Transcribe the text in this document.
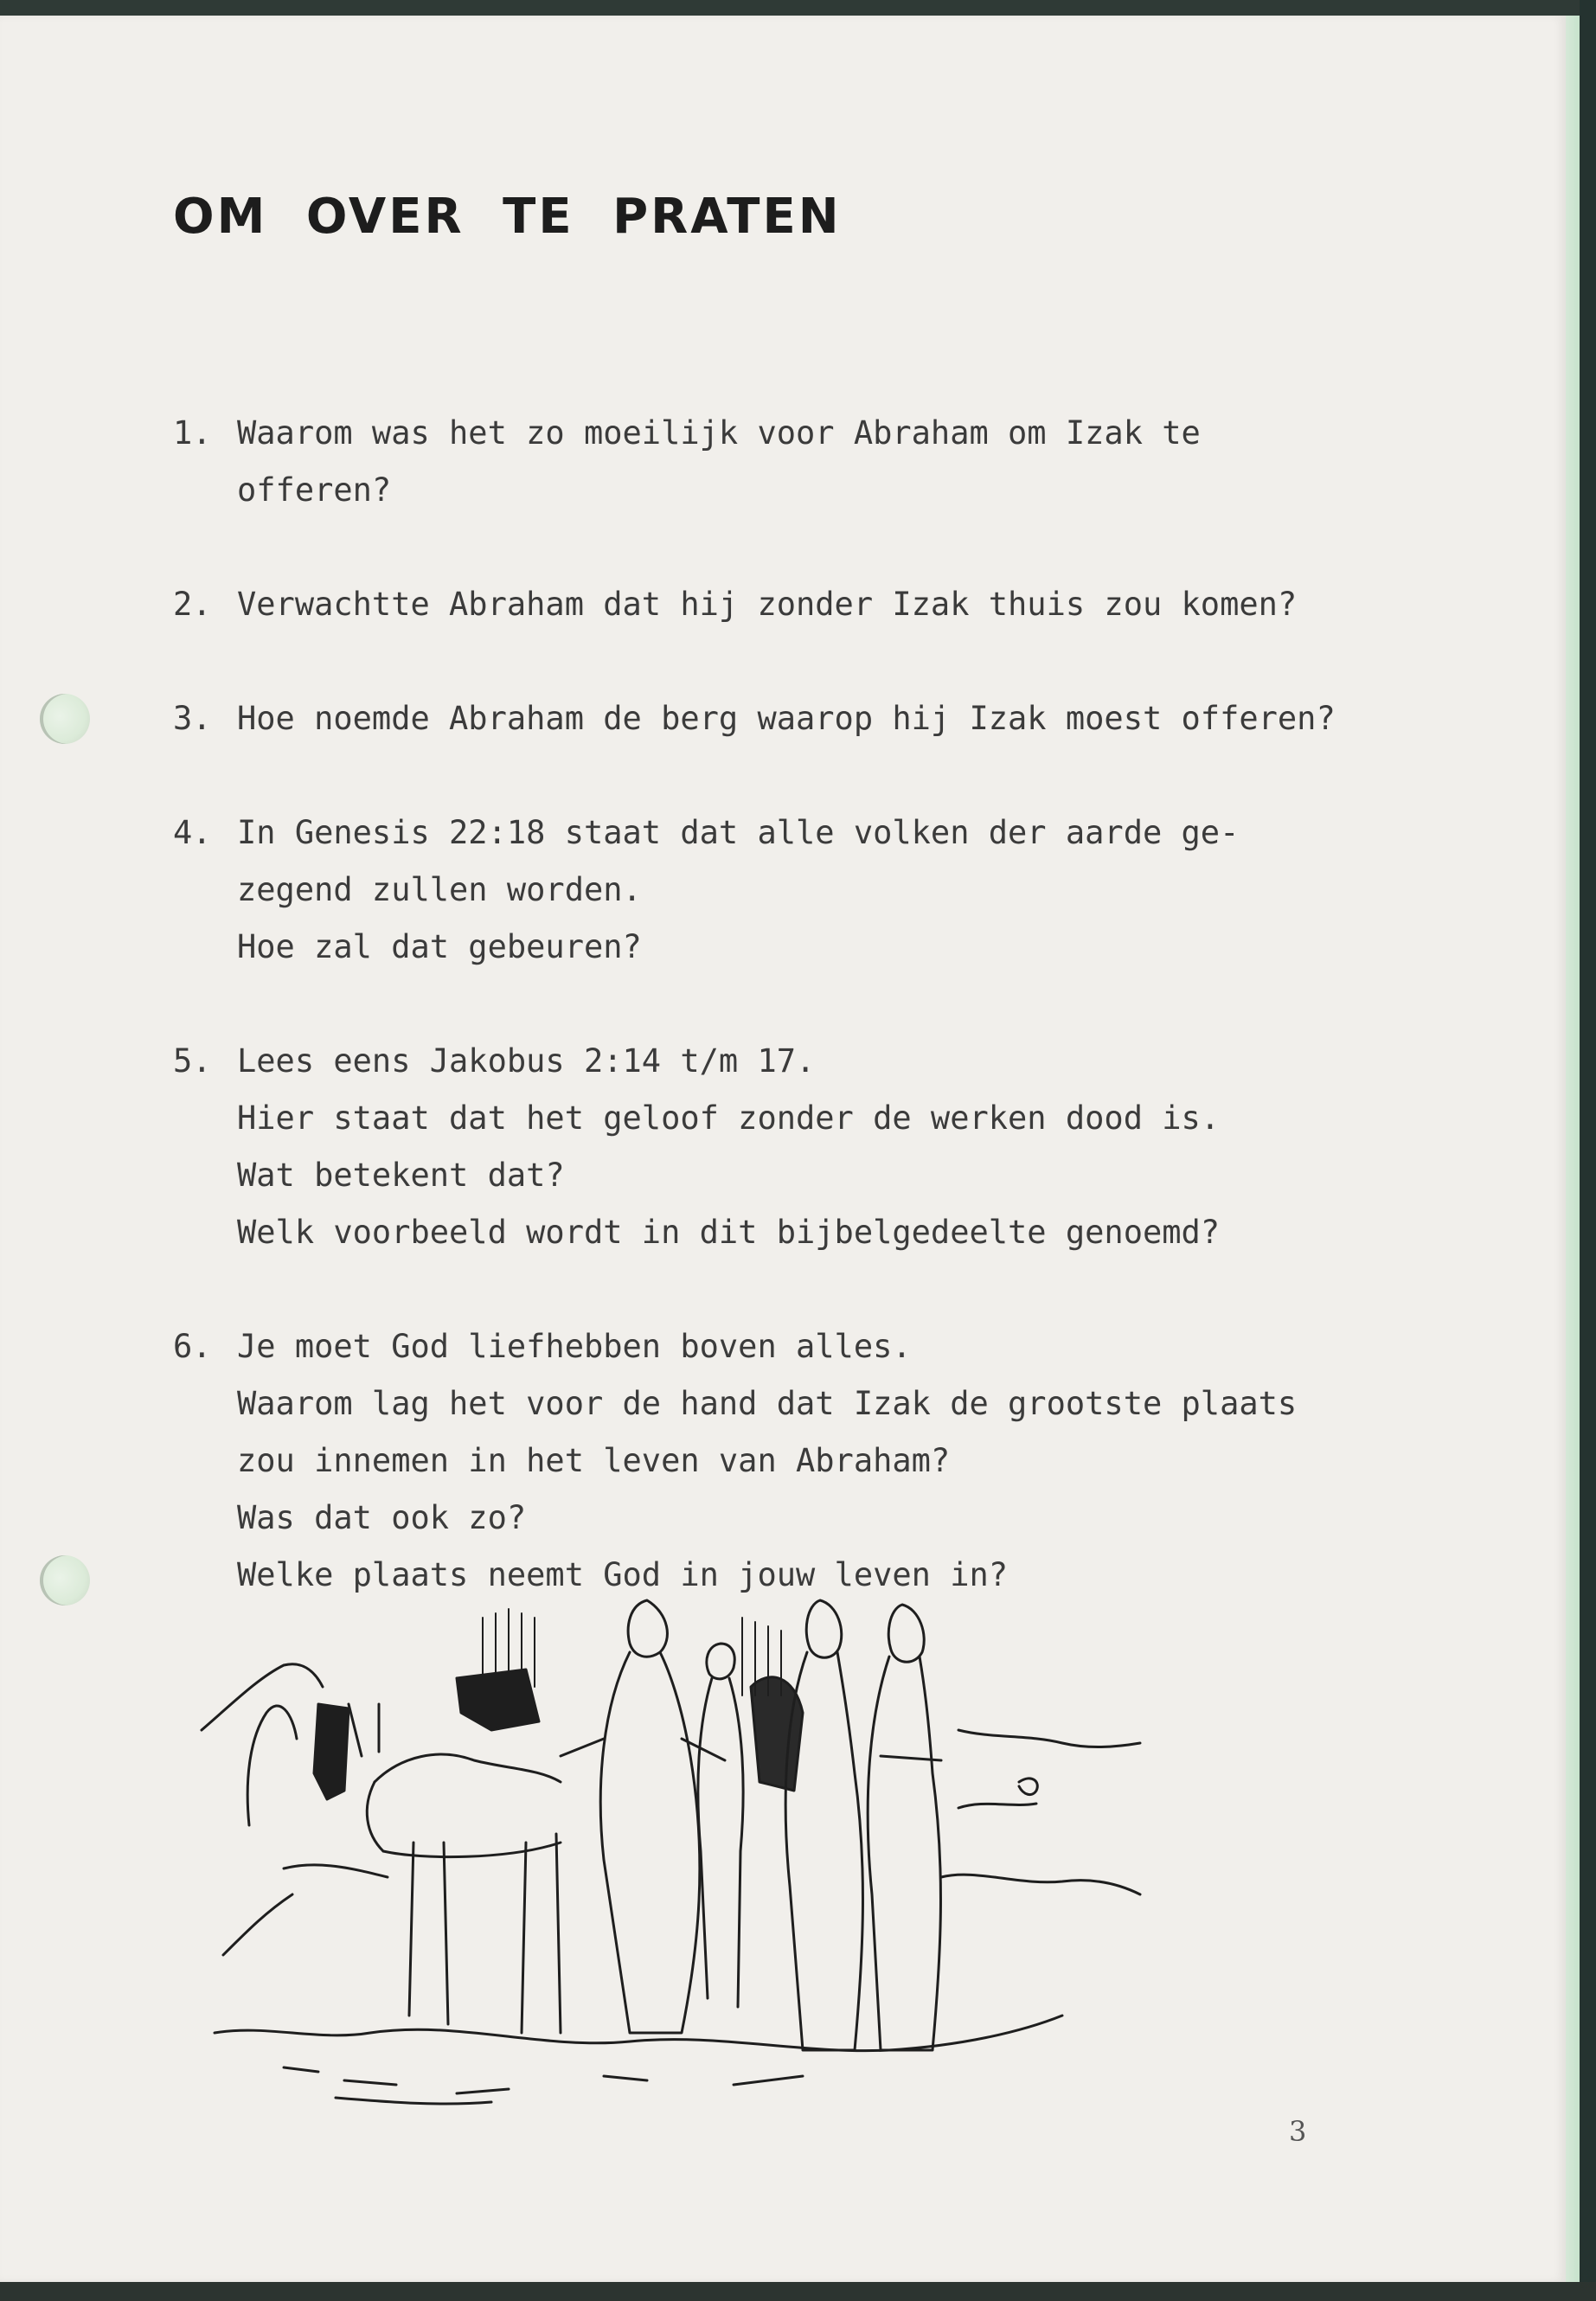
OM OVER TE PRATEN
1. Waarom was het zo moeilijk voor Abraham om Izak te
offeren?
2. Verwachtte Abraham dat hij zonder Izak thuis zou komen?
3. Hoe noemde Abraham de berg waarop hij Izak moest offeren?
4. In Genesis 22:18 staat dat alle volken der aarde ge-
zegend zullen worden.
Hoe zal dat gebeuren?
5. Lees eens Jakobus 2:14 t/m 17.
Hier staat dat het geloof zonder de werken dood is.
Wat betekent dat?
Welk voorbeeld wordt in dit bijbelgedeelte genoemd?
6. Je moet God liefhebben boven alles.
Waarom lag het voor de hand dat Izak de grootste plaats
zou innemen in het leven van Abraham?
Was dat ook zo?
Welke plaats neemt God in jouw leven in?
3
